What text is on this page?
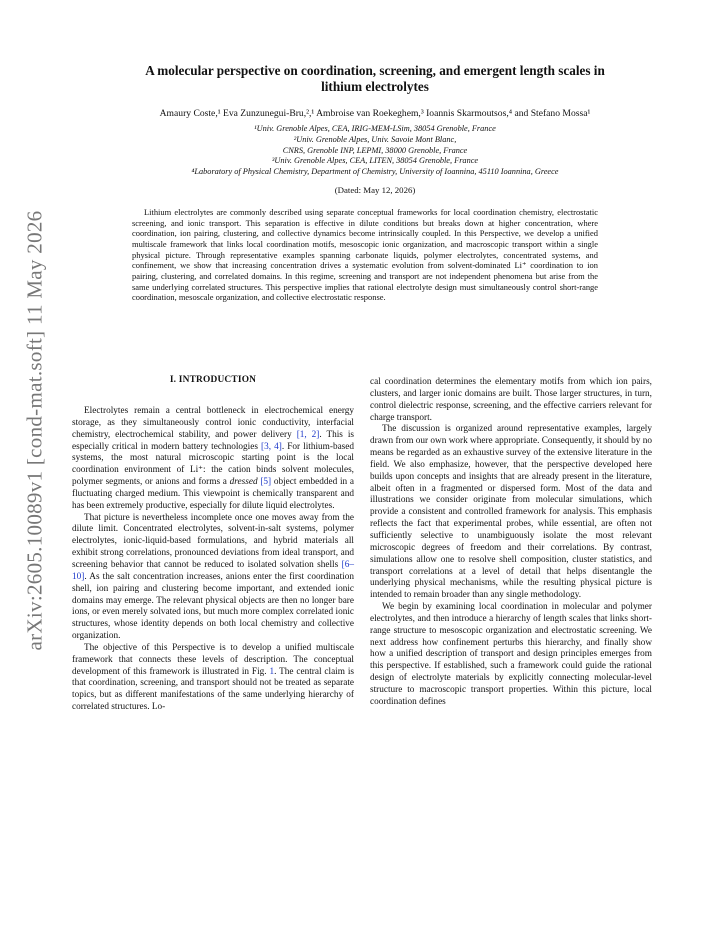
arXiv:2605.10089v1 [cond-mat.soft] 11 May 2026
A molecular perspective on coordination, screening, and emergent length scales in
lithium electrolytes
Amaury Coste,¹ Eva Zunzunegui-Bru,²,¹ Ambroise van Roekeghem,³ Ioannis Skarmoutsos,⁴ and Stefano Mossa¹
¹Univ. Grenoble Alpes, CEA, IRIG-MEM-LSim, 38054 Grenoble, France
²Univ. Grenoble Alpes, Univ. Savoie Mont Blanc,
CNRS, Grenoble INP, LEPMI, 38000 Grenoble, France
³Univ. Grenoble Alpes, CEA, LITEN, 38054 Grenoble, France
⁴Laboratory of Physical Chemistry, Department of Chemistry, University of Ioannina, 45110 Ioannina, Greece
(Dated: May 12, 2026)
Lithium electrolytes are commonly described using separate conceptual frameworks for local coordination chemistry, electrostatic screening, and ionic transport. This separation is effective in dilute conditions but breaks down at higher concentration, where coordination, ion pairing, clustering, and collective dynamics become intrinsically coupled. In this Perspective, we develop a unified multiscale framework that links local coordination motifs, mesoscopic ionic organization, and macroscopic transport within a single physical picture. Through representative examples spanning carbonate liquids, polymer electrolytes, concentrated systems, and confinement, we show that increasing concentration drives a systematic evolution from solvent-dominated Li⁺ coordination to ion pairing, clustering, and correlated domains. In this regime, screening and transport are not independent phenomena but arise from the same underlying correlated structures. This perspective implies that rational electrolyte design must simultaneously control short-range coordination, mesoscale organization, and collective electrostatic response.
I. INTRODUCTION

Electrolytes remain a central bottleneck in electrochemical energy storage, as they simultaneously control ionic conductivity, interfacial chemistry, electrochemical stability, and power delivery [1, 2]. This is especially critical in modern battery technologies [3, 4]. For lithium-based systems, the most natural microscopic starting point is the local coordination environment of Li⁺: the cation binds solvent molecules, polymer segments, or anions and forms a dressed [5] object embedded in a fluctuating charged medium. This viewpoint is chemically transparent and has been extremely productive, especially for dilute liquid electrolytes.

That picture is nevertheless incomplete once one moves away from the dilute limit. Concentrated electrolytes, solvent-in-salt systems, polymer electrolytes, ionic-liquid-based formulations, and hybrid materials all exhibit strong correlations, pronounced deviations from ideal transport, and screening behavior that cannot be reduced to isolated solvation shells [6–10]. As the salt concentration increases, anions enter the first coordination shell, ion pairing and clustering become important, and extended ionic domains may emerge. The relevant physical objects are then no longer bare ions, or even merely solvated ions, but much more complex correlated ionic structures, whose identity depends on both local chemistry and collective organization.

The objective of this Perspective is to develop a unified multiscale framework that connects these levels of description. The conceptual development of this framework is illustrated in Fig. 1. The central claim is that coordination, screening, and transport should not be treated as separate topics, but as different manifestations of the same underlying hierarchy of correlated structures. Lo-

cal coordination determines the elementary motifs from which ion pairs, clusters, and larger ionic domains are built. Those larger structures, in turn, control dielectric response, screening, and the effective carriers relevant for charge transport.

The discussion is organized around representative examples, largely drawn from our own work where appropriate. Consequently, it should by no means be regarded as an exhaustive survey of the extensive literature in the field. We also emphasize, however, that the perspective developed here builds upon concepts and insights that are already present in the literature, albeit often in a fragmented or dispersed form. Most of the data and illustrations we consider originate from molecular simulations, which provide a consistent and controlled framework for analysis. This emphasis reflects the fact that experimental probes, while essential, are often not sufficiently selective to unambiguously isolate the most relevant microscopic degrees of freedom and their correlations. By contrast, simulations allow one to resolve shell composition, cluster statistics, and transport correlations at a level of detail that helps disentangle the underlying physical mechanisms, while the resulting physical picture is intended to remain broader than any single methodology.

We begin by examining local coordination in molecular and polymer electrolytes, and then introduce a hierarchy of length scales that links short-range structure to mesoscopic organization and electrostatic screening. We next address how confinement perturbs this hierarchy, and finally show how a unified description of transport and design principles emerges from this perspective. If established, such a framework could guide the rational design of electrolyte materials by explicitly connecting molecular-level structure to macroscopic transport properties. Within this picture, local coordination defines
